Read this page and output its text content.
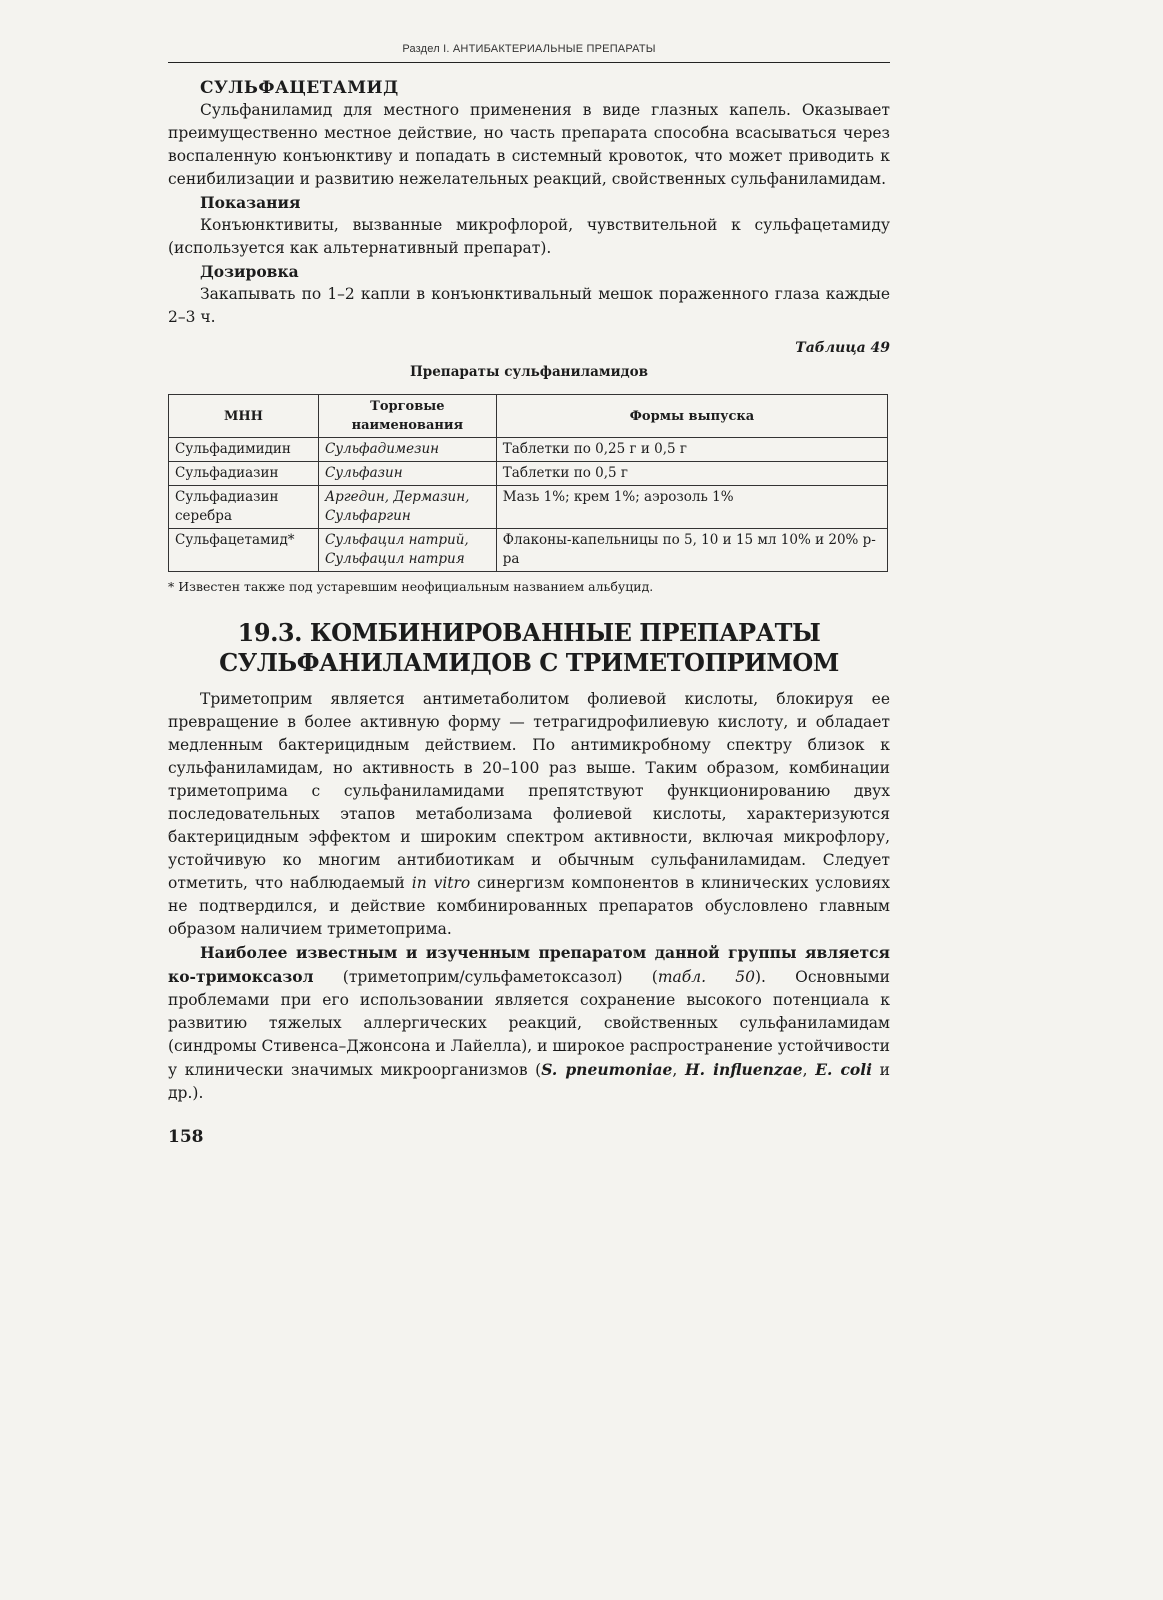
Раздел I. АНТИБАКТЕРИАЛЬНЫЕ ПРЕПАРАТЫ
СУЛЬФАЦЕТАМИД

Сульфаниламид для местного применения в виде глазных капель. Оказывает преимущественно местное действие, но часть препарата способна всасываться через воспаленную конъюнктиву и попадать в системный кровоток, что может приводить к сенибилизации и развитию нежелательных реакций, свойственных сульфаниламидам.

Показания

Конъюнктивиты, вызванные микрофлорой, чувствительной к сульфацетамиду (используется как альтернативный препарат).

Дозировка

Закапывать по 1–2 капли в конъюнктивальный мешок пораженного глаза каждые 2–3 ч.

Таблица 49
Препараты сульфаниламидов
МНН	Торговые наименования	Формы выпуска
Сульфадимидин	Сульфадимезин	Таблетки по 0,25 г и 0,5 г
Сульфадиазин	Сульфазин	Таблетки по 0,5 г
Сульфадиазин серебра	Аргедин, Дермазин, Сульфаргин	Мазь 1%; крем 1%; аэрозоль 1%
Сульфацетамид*	Сульфацил натрий, Сульфацил натрия	Флаконы-капельницы по 5, 10 и 15 мл 10% и 20% р-ра
* Известен также под устаревшим неофициальным названием альбуцид.
19.3. КОМБИНИРОВАННЫЕ ПРЕПАРАТЫ
СУЛЬФАНИЛАМИДОВ С ТРИМЕТОПРИМОМ

Триметоприм является антиметаболитом фолиевой кислоты, блокируя ее превращение в более активную форму — тетрагидрофилиевую кислоту, и обладает медленным бактерицидным действием. По антимикробному спектру близок к сульфаниламидам, но активность в 20–100 раз выше. Таким образом, комбинации триметоприма с сульфаниламидами препятствуют функционированию двух последовательных этапов метаболизама фолиевой кислоты, характеризуются бактерицидным эффектом и широким спектром активности, включая микрофлору, устойчивую ко многим антибиотикам и обычным сульфаниламидам. Следует отметить, что наблюдаемый in vitro синергизм компонентов в клинических условиях не подтвердился, и действие комбинированных препаратов обусловлено главным образом наличием триметоприма.

Наиболее известным и изученным препаратом данной группы является ко-тримоксазол (триметоприм/сульфаметоксазол) (табл. 50). Основными проблемами при его использовании является сохранение высокого потенциала к развитию тяжелых аллергических реакций, свойственных сульфаниламидам (синдромы Стивенса–Джонсона и Лайелла), и широкое распространение устойчивости у клинически значимых микроорганизмов (S. pneumoniae, H. influenzae, E. coli и др.).

158
